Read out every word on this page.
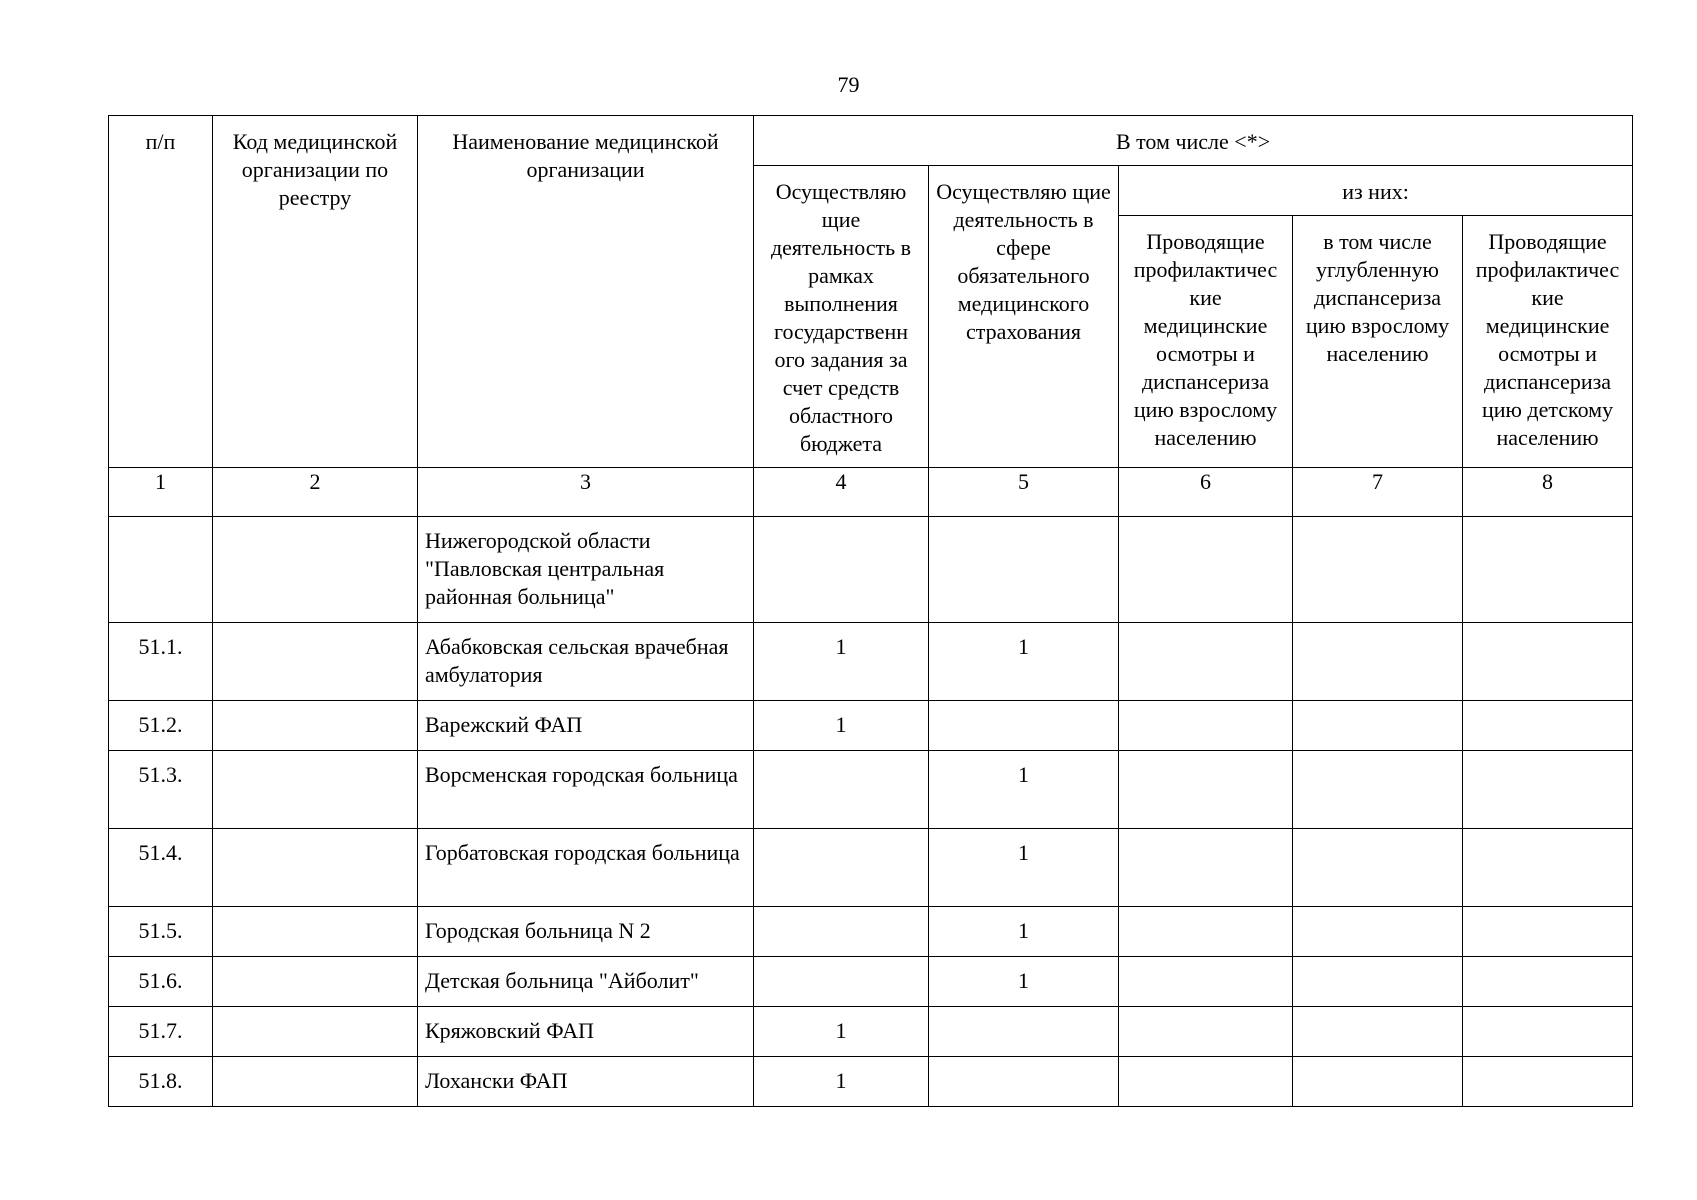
79
п/п	Код медицинской организации по реестру	Наименование медицинской организации	В том числе <*>				
			Осуществляю щие деятельность в рамках выполнения государственн ого задания за счет средств областного бюджета	Осуществляю щие деятельность в сфере обязательного медицинского страхования	из них:		
					Проводящие профилактичес кие медицинские осмотры и диспансериза цию взрослому населению	в том числе углубленную диспансериза цию взрослому населению	Проводящие профилактичес кие медицинские осмотры и диспансериза цию детскому населению
1	2	3	4	5	6	7	8
		Нижегородской области "Павловская центральная районная больница"					
51.1.		Абабковская сельская врачебная амбулатория	1	1			
51.2.		Варежский ФАП	1				
51.3.		Ворсменская городская больница		1			
51.4.		Горбатовская городская больница		1			
51.5.		Городская больница N 2		1			
51.6.		Детская больница "Айболит"		1			
51.7.		Кряжовский ФАП	1				
51.8.		Лохански ФАП	1				
